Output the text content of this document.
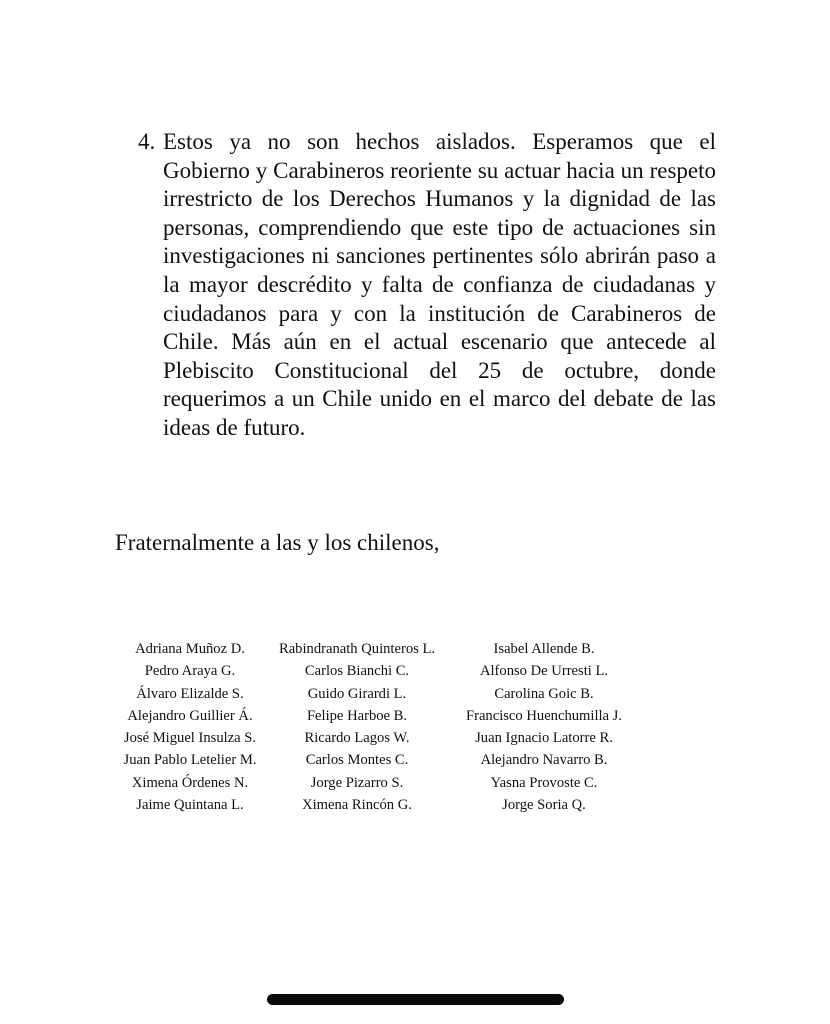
4. Estos ya no son hechos aislados. Esperamos que el Gobierno y Carabineros reoriente su actuar hacia un respeto irrestricto de los Derechos Humanos y la dignidad de las personas, comprendiendo que este tipo de actuaciones sin investigaciones ni sanciones pertinentes sólo abrirán paso a la mayor descrédito y falta de confianza de ciudadanas y ciudadanos para y con la institución de Carabineros de Chile. Más aún en el actual escenario que antecede al Plebiscito Constitucional del 25 de octubre, donde requerimos a un Chile unido en el marco del debate de las ideas de futuro.
Fraternalmente a las y los chilenos,
Adriana Muñoz D.
Pedro Araya G.
Álvaro Elizalde S.
Alejandro Guillier Á.
José Miguel Insulza S.
Juan Pablo Letelier M.
Ximena Órdenes N.
Jaime Quintana L.
Rabindranath Quinteros L.
Carlos Bianchi C.
Guido Girardi L.
Felipe Harboe B.
Ricardo Lagos W.
Carlos Montes C.
Jorge Pizarro S.
Ximena Rincón G.
Isabel Allende B.
Alfonso De Urresti L.
Carolina Goic B.
Francisco Huenchumilla J.
Juan Ignacio Latorre R.
Alejandro Navarro B.
Yasna Provoste C.
Jorge Soria Q.
